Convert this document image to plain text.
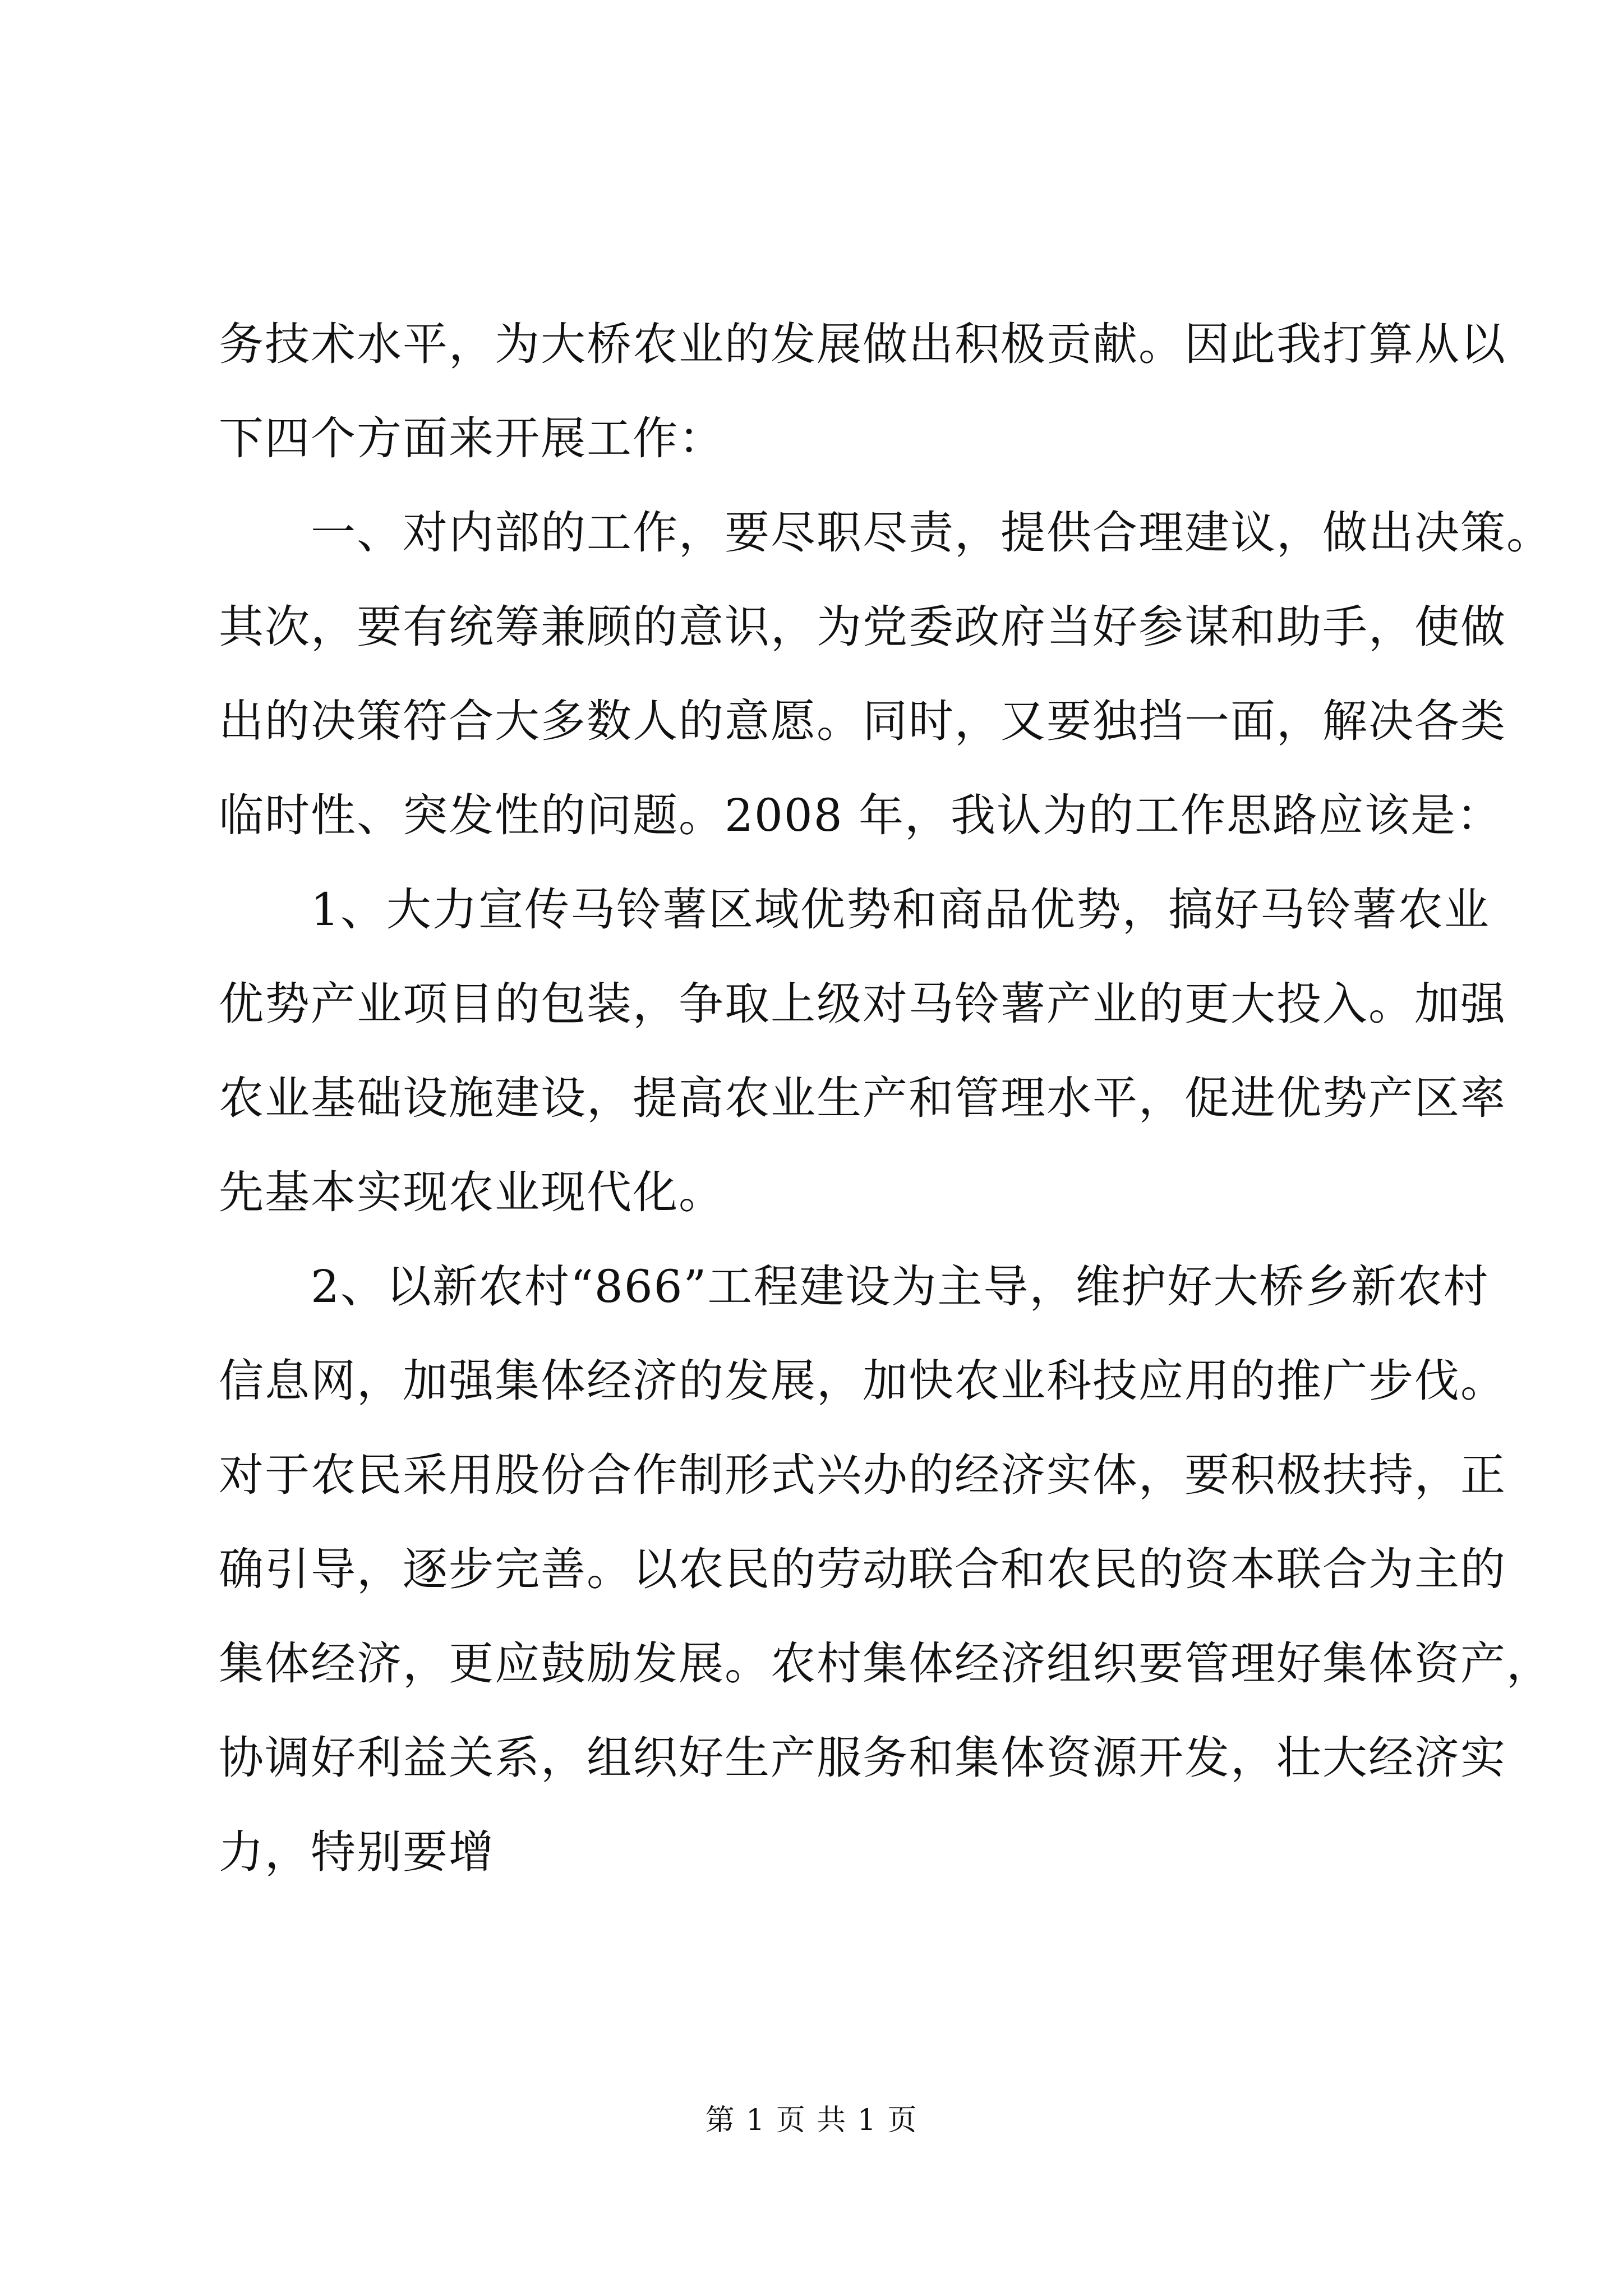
务技术水平，为大桥农业的发展做出积极贡献。因此我打算从以
下四个方面来开展工作：
　　一、对内部的工作，要尽职尽责，提供合理建议，做出决策。
其次，要有统筹兼顾的意识，为党委政府当好参谋和助手，使做
出的决策符合大多数人的意愿。同时，又要独挡一面，解决各类
临时性、突发性的问题。2008 年，我认为的工作思路应该是：
　　1、大力宣传马铃薯区域优势和商品优势，搞好马铃薯农业
优势产业项目的包装，争取上级对马铃薯产业的更大投入。加强
农业基础设施建设，提高农业生产和管理水平，促进优势产区率
先基本实现农业现代化。
　　2、以新农村“866”工程建设为主导，维护好大桥乡新农村
信息网，加强集体经济的发展，加快农业科技应用的推广步伐。
对于农民采用股份合作制形式兴办的经济实体，要积极扶持，正
确引导，逐步完善。以农民的劳动联合和农民的资本联合为主的
集体经济，更应鼓励发展。农村集体经济组织要管理好集体资产，
协调好利益关系，组织好生产服务和集体资源开发，壮大经济实
力，特别要增
第 1 页 共 1 页
